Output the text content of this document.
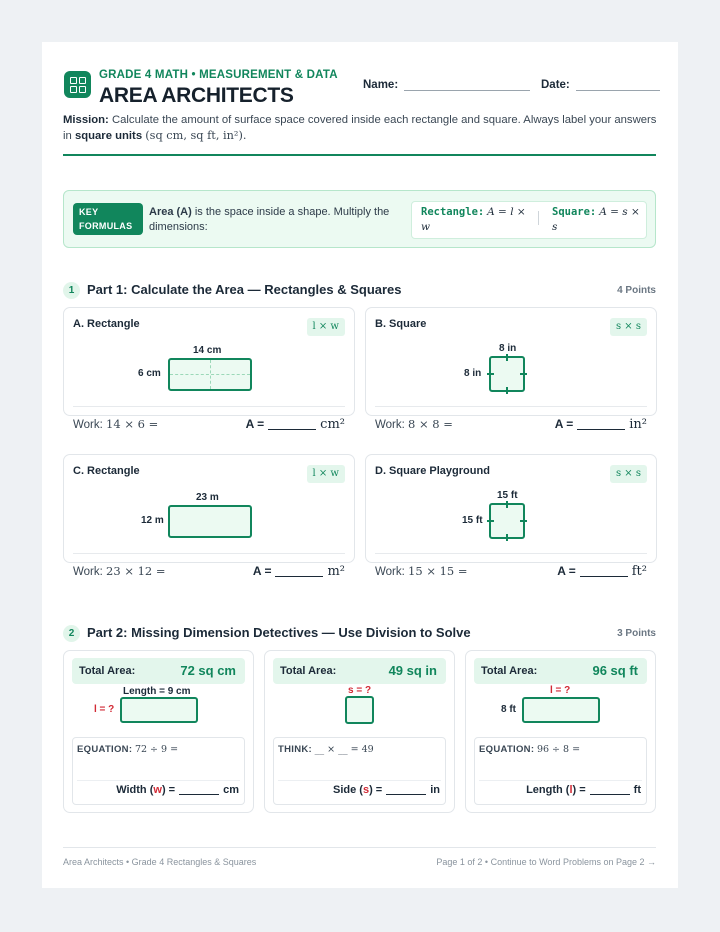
GRADE 4 MATH • MEASUREMENT & DATA
AREA ARCHITECTS	Name:	Date:
Mission: Calculate the amount of surface space covered inside each rectangle and square. Always label your answers in square units (sq cm, sq ft, in²).
KEY
FORMULAS
Area (A) is the space inside a shape. Multiply the dimensions:
Rectangle: A = l × w
Square: A = s × s
1 Part 1: Calculate the Area — Rectangles & Squares	4 Points
A. Rectangle	l × w
14 cm
6 cm
Work: 14 × 6 =	A =	cm²
B. Square	s × s
8 in
8 in
Work: 8 × 8 =	A =	in²
C. Rectangle	l × w
23 m
12 m
Work: 23 × 12 =	A =	m²
D. Square Playground	s × s
15 ft
15 ft
Work: 15 × 15 =	A =	ft²
2 Part 2: Missing Dimension Detectives — Use Division to Solve	3 Points
Total Area:	72 sq cm
Length = 9 cm
l = ?
EQUATION: 72 ÷ 9 =
Width (w) =	cm
Total Area:	49 sq in
s = ?
THINK: __ × __ = 49
Side (s) =	in
Total Area:	96 sq ft
l = ?
8 ft
EQUATION: 96 ÷ 8 =
Length (l) =	ft
Area Architects • Grade 4 Rectangles & Squares	Page 1 of 2 • Continue to Word Problems on Page 2 →
